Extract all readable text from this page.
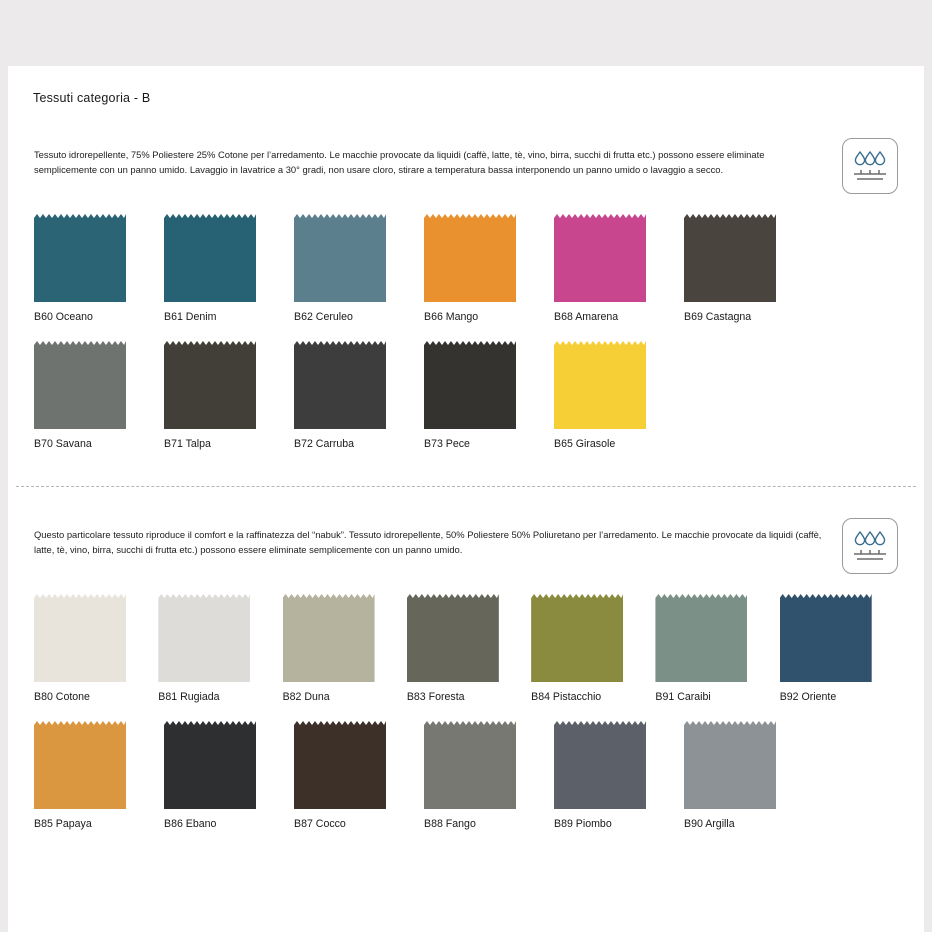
Tessuti categoria - B
Tessuto idrorepellente, 75% Poliestere 25% Cotone per l’arredamento. Le macchie provocate da liquidi (caffè, latte, tè, vino, birra, succhi di frutta etc.) possono essere eliminate semplicemente con un panno umido. Lavaggio in lavatrice a 30° gradi, non usare cloro, stirare a temperatura bassa interponendo un panno umido o lavaggio a secco.
B60 Oceano	B61 Denim	B62 Ceruleo	B66 Mango	B68 Amarena	B69 Castagna
B70 Savana	B71 Talpa	B72 Carruba	B73 Pece	B65 Girasole
Questo particolare tessuto riproduce il comfort e la raffinatezza del “nabuk”. Tessuto idrorepellente, 50% Poliestere 50% Poliuretano per l’arredamento. Le macchie provocate da liquidi (caffè, latte, tè, vino, birra, succhi di frutta etc.) possono essere eliminate semplicemente con un panno umido.
B80 Cotone	B81 Rugiada	B82 Duna	B83 Foresta	B84 Pistacchio	B91 Caraibi	B92 Oriente
B85 Papaya	B86 Ebano	B87 Cocco	B88 Fango	B89 Piombo	B90 Argilla
